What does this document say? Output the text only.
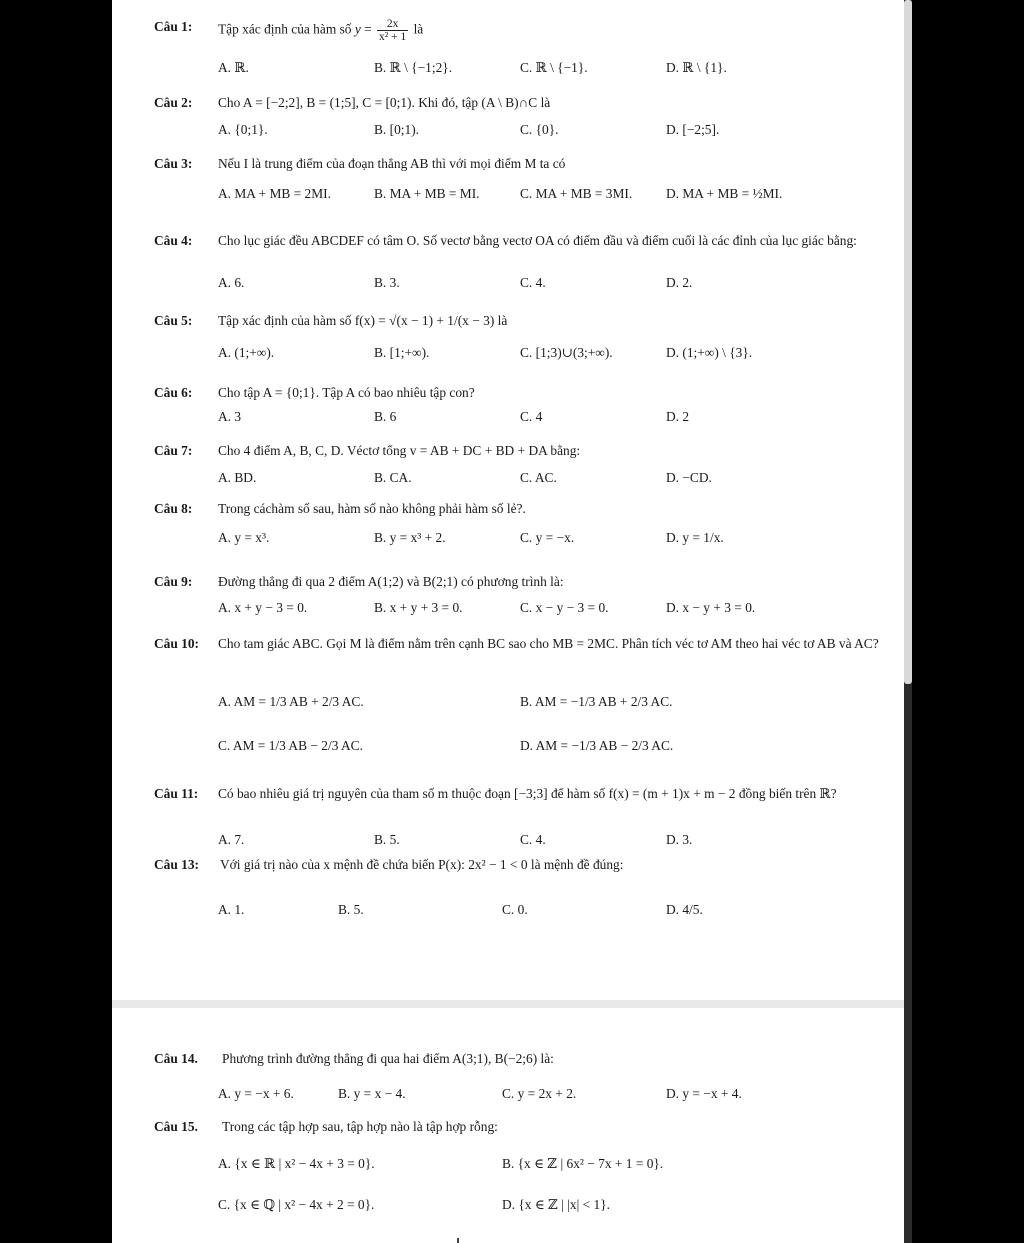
Câu 1: Tập xác định của hàm số $y = \frac{2x}{\text{x² + 1}}$ là
A. ℝ.	B. ℝ \ {−1;2}.	C. ℝ \ {−1}.	D. ℝ \ {1}.
Câu 2: Cho A = [−2;2], B = (1;5], C = [0;1). Khi đó, tập (A \ B)∩C là
A. {0;1}.	B. [0;1).	C. {0}.	D. [−2;5].
Câu 3: Nếu I là trung điểm của đoạn thẳng AB thì với mọi điểm M ta có
A. MA + MB = 2MI.	B. MA + MB = MI.	C. MA + MB = 3MI.	D. MA + MB = ½MI.
Câu 4: Cho lục giác đều ABCDEF có tâm O. Số vectơ bằng vectơ OA có điểm đầu và điểm cuối là các đỉnh của lục giác bằng:
A. 6.	B. 3.	C. 4.	D. 2.
Câu 5: Tập xác định của hàm số f(x) = √(x − 1) + 1/(x − 3) là
A. (1;+∞).	B. [1;+∞).	C. [1;3)∪(3;+∞).	D. (1;+∞) \ {3}.
Câu 6: Cho tập A = {0;1}. Tập A có bao nhiêu tập con?
A. 3	B. 6	C. 4	D. 2
Câu 7: Cho 4 điểm A, B, C, D. Véctơ tổng v = AB + DC + BD + DA bằng:
A. BD.	B. CA.	C. AC.	D. −CD.
Câu 8: Trong cáchàm số sau, hàm số nào không phải hàm số lẻ?.
A. y = x³.	B. y = x³ + 2.	C. y = −x.	D. y = 1/x.
Câu 9: Đường thẳng đi qua 2 điểm A(1;2) và B(2;1) có phương trình là:
A. x + y − 3 = 0.	B. x + y + 3 = 0.	C. x − y − 3 = 0.	D. x − y + 3 = 0.
Câu 10: Cho tam giác ABC. Gọi M là điểm nằm trên cạnh BC sao cho MB = 2MC. Phân tích véc tơ AM theo hai véc tơ AB và AC?
A. AM = 1/3 AB + 2/3 AC.	B. AM = −1/3 AB + 2/3 AC.
C. AM = 1/3 AB − 2/3 AC.	D. AM = −1/3 AB − 2/3 AC.
Câu 11: Có bao nhiêu giá trị nguyên của tham số m thuộc đoạn [−3;3] để hàm số f(x) = (m + 1)x + m − 2 đồng biến trên ℝ?
A. 7.	B. 5.	C. 4.	D. 3.
Câu 13: Với giá trị nào của x mệnh đề chứa biến P(x): 2x² − 1 < 0 là mệnh đề đúng:
A. 1.	B. 5.	C. 0.	D. 4/5.
Câu 14. Phương trình đường thẳng đi qua hai điểm A(3;1), B(−2;6) là:
A. y = −x + 6.	B. y = x − 4.	C. y = 2x + 2.	D. y = −x + 4.
Câu 15. Trong các tập hợp sau, tập hợp nào là tập hợp rỗng:
A. {x ∈ ℝ | x² − 4x + 3 = 0}.	B. {x ∈ ℤ | 6x² − 7x + 1 = 0}.
C. {x ∈ ℚ | x² − 4x + 2 = 0}.	D. {x ∈ ℤ | |x| < 1}.
